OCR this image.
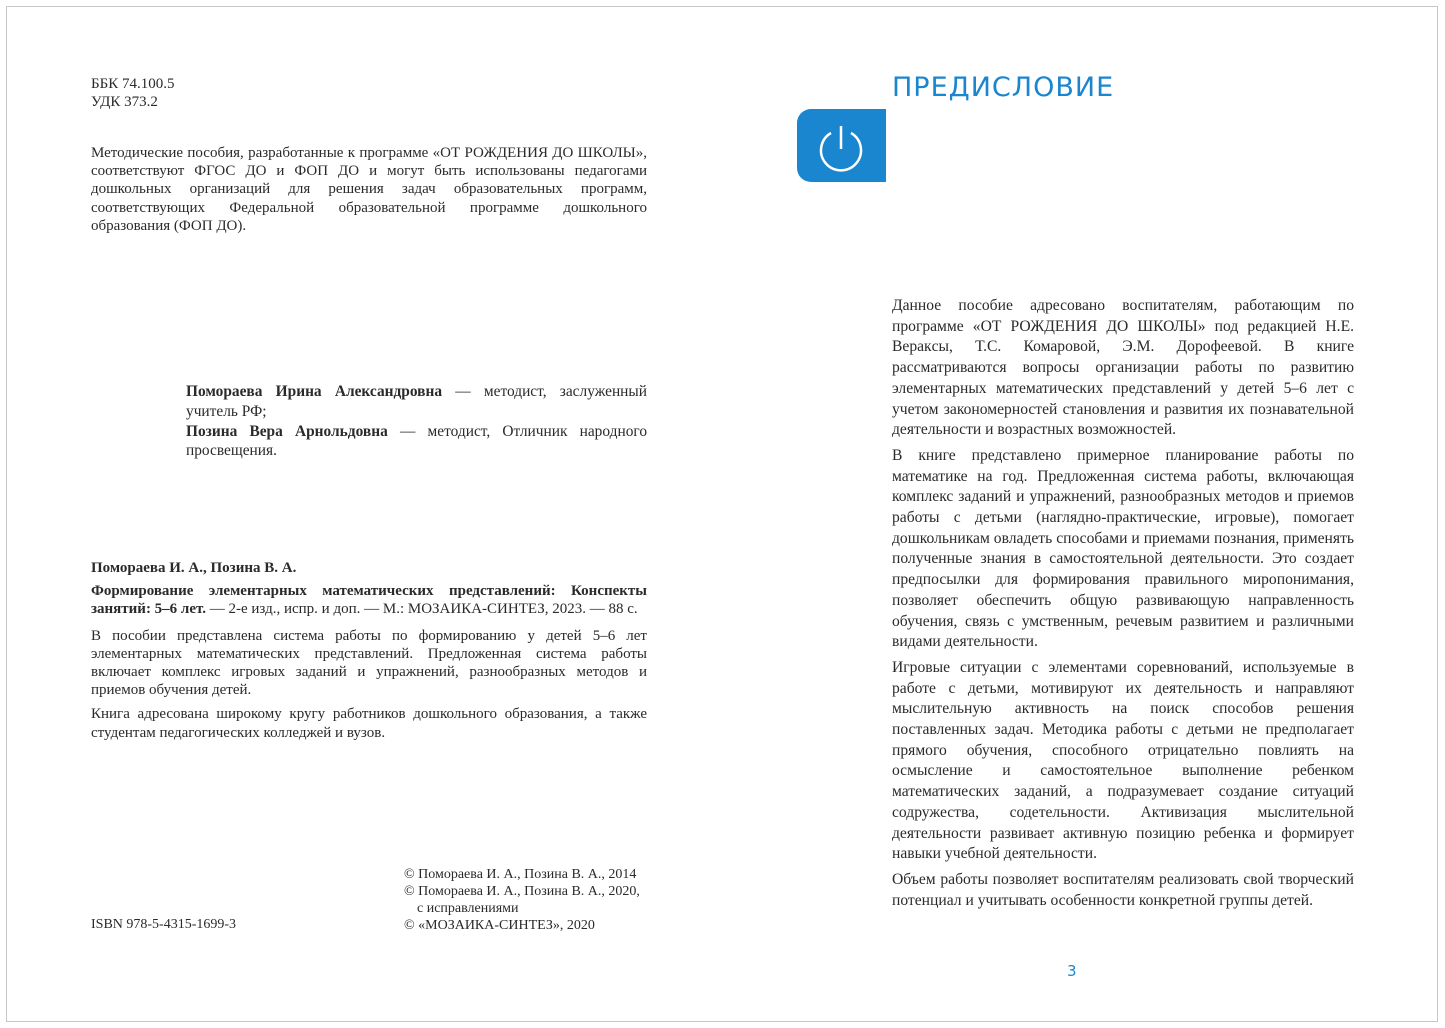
ББК 74.100.5
УДК 373.2

Методические пособия, разработанные к программе «ОТ РОЖДЕНИЯ ДО ШКОЛЫ», соответствуют ФГОС ДО и ФОП ДО и могут быть использованы педагогами дошкольных организаций для решения задач образовательных программ, соответствующих Федеральной образовательной программе дошкольного образования (ФОП ДО).

Помораева Ирина Александровна — методист, заслуженный учитель РФ;

Позина Вера Арнольдовна — методист, Отличник народного просвещения.

Помораева И. А., Позина В. А.

Формирование элементарных математических представлений: Конспекты занятий: 5–6 лет. — 2-е изд., испр. и доп. — М.: МОЗАИКА-СИНТЕЗ, 2023. — 88 с.

В пособии представлена система работы по формированию у детей 5–6 лет элементарных математических представлений. Предложенная система работы включает комплекс игровых заданий и упражнений, разнообразных методов и приемов обучения детей.

Книга адресована широкому кругу работников дошкольного образования, а также студентам педагогических колледжей и вузов.

ISBN 978-5-4315-1699-3
© Помораева И. А., Позина В. А., 2014
© Помораева И. А., Позина В. А., 2020,
с исправлениями
© «МОЗАИКА-СИНТЕЗ», 2020
ПРЕДИСЛОВИЕ

Данное пособие адресовано воспитателям, работающим по программе «ОТ РОЖДЕНИЯ ДО ШКОЛЫ» под редакцией Н.Е. Веракcы, Т.С. Комаровой, Э.М. Дорофеевой. В книге рассматриваются вопросы организации работы по развитию элементарных математических представлений у детей 5–6 лет с учетом закономерностей становления и развития их познавательной деятельности и возрастных возможностей.

В книге представлено примерное планирование работы по математике на год. Предложенная система работы, включающая комплекс заданий и упражнений, разнообразных методов и приемов работы с детьми (наглядно-практические, игровые), помогает дошкольникам овладеть способами и приемами познания, применять полученные знания в самостоятельной деятельности. Это создает предпосылки для формирования правильного миропонимания, позволяет обеспечить общую развивающую направленность обучения, связь с умственным, речевым развитием и различными видами деятельности.

Игровые ситуации с элементами соревнований, используемые в работе с детьми, мотивируют их деятельность и направляют мыслительную активность на поиск способов решения поставленных задач. Методика работы с детьми не предполагает прямого обучения, способного отрицательно повлиять на осмысление и самостоятельное выполнение ребенком математических заданий, а подразумевает создание ситуаций содружества, содетельности. Активизация мыслительной деятельности развивает активную позицию ребенка и формирует навыки учебной деятельности.

Объем работы позволяет воспитателям реализовать свой творческий потенциал и учитывать особенности конкретной группы детей.

3
